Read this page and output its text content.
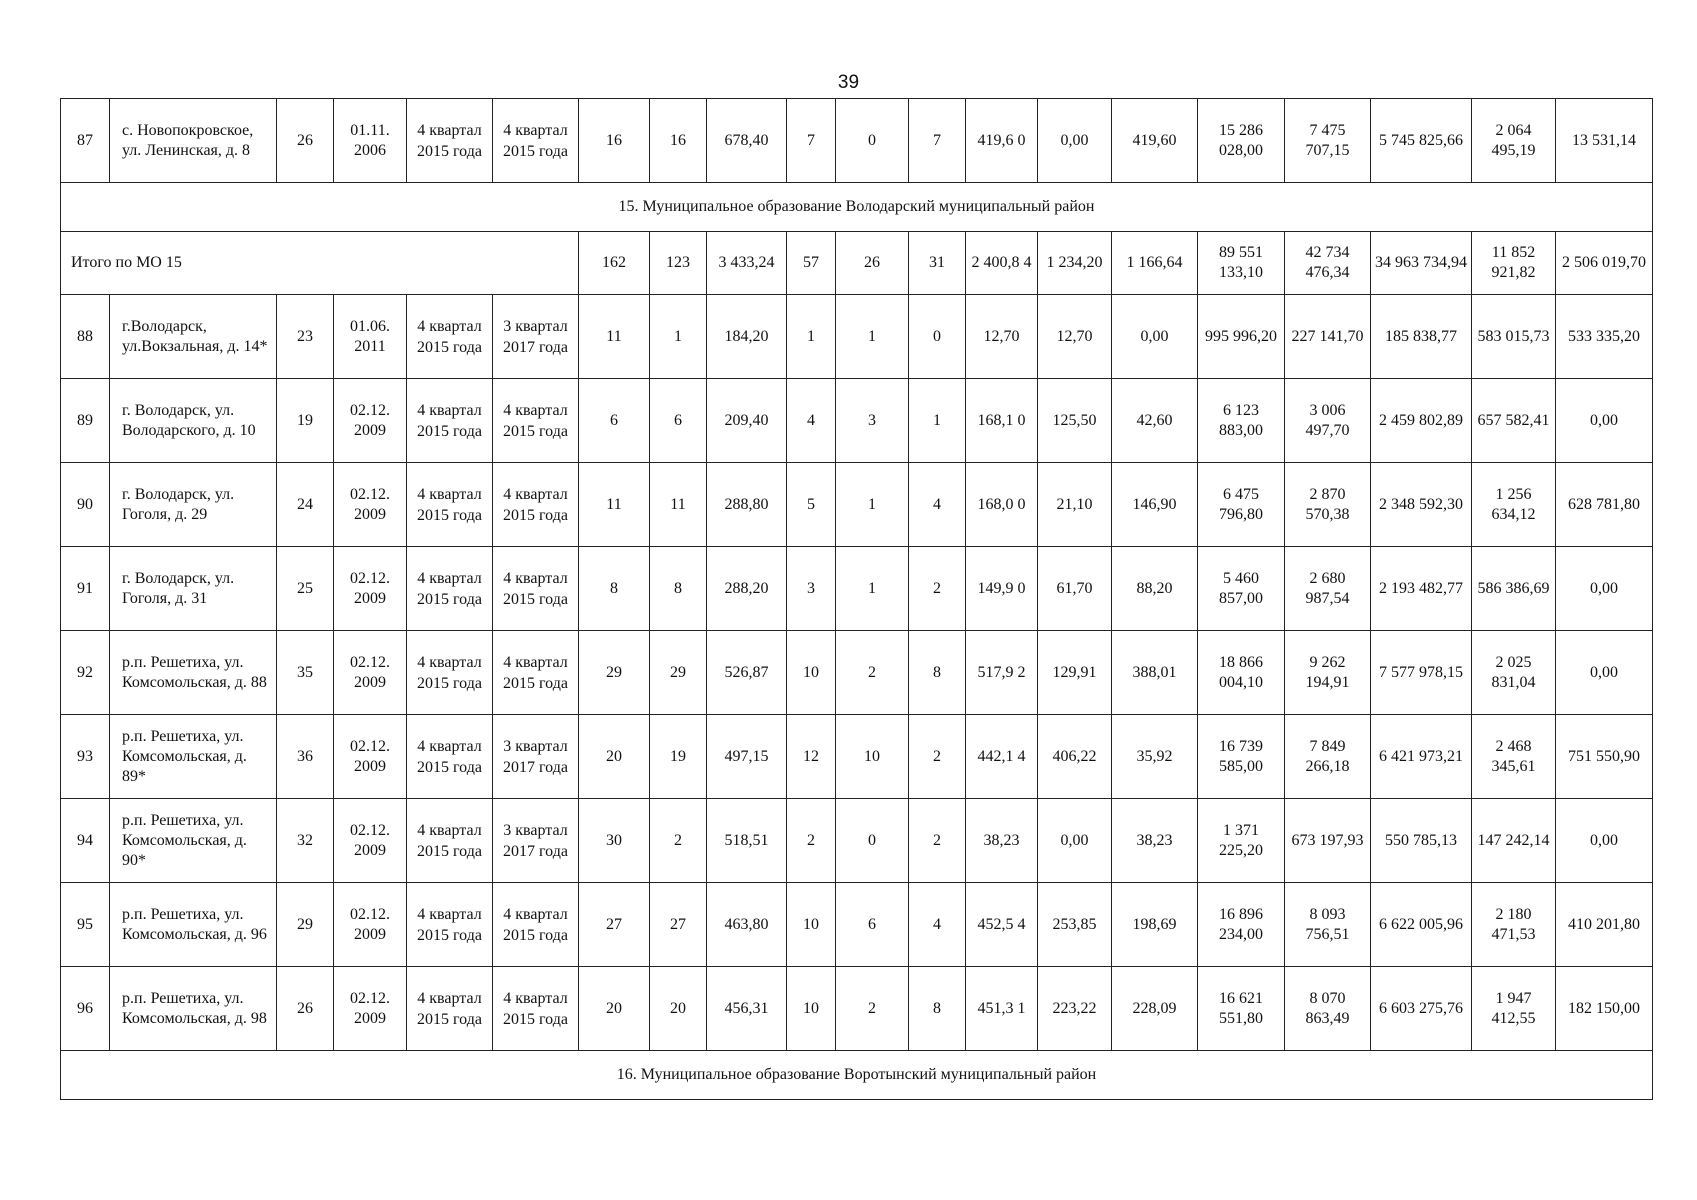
39
87	с. Новопокровское, ул. Ленинская, д. 8	26	01.11. 2006	4 квартал 2015 года	4 квартал 2015 года	16	16	678,40	7	0	7	419,6 0	0,00	419,60	15 286 028,00	7 475 707,15	5 745 825,66	2 064 495,19	13 531,14
15. Муниципальное образование Володарский муниципальный район																			
Итого по МО 15						162	123	3 433,24	57	26	31	2 400,8 4	1 234,20	1 166,64	89 551 133,10	42 734 476,34	34 963 734,94	11 852 921,82	2 506 019,70
88	г.Володарск, ул.Вокзальная, д. 14*	23	01.06. 2011	4 квартал 2015 года	3 квартал 2017 года	11	1	184,20	1	1	0	12,70	12,70	0,00	995 996,20	227 141,70	185 838,77	583 015,73	533 335,20
89	г. Володарск, ул. Володарского, д. 10	19	02.12. 2009	4 квартал 2015 года	4 квартал 2015 года	6	6	209,40	4	3	1	168,1 0	125,50	42,60	6 123 883,00	3 006 497,70	2 459 802,89	657 582,41	0,00
90	г. Володарск, ул. Гоголя, д. 29	24	02.12. 2009	4 квартал 2015 года	4 квартал 2015 года	11	11	288,80	5	1	4	168,0 0	21,10	146,90	6 475 796,80	2 870 570,38	2 348 592,30	1 256 634,12	628 781,80
91	г. Володарск, ул. Гоголя, д. 31	25	02.12. 2009	4 квартал 2015 года	4 квартал 2015 года	8	8	288,20	3	1	2	149,9 0	61,70	88,20	5 460 857,00	2 680 987,54	2 193 482,77	586 386,69	0,00
92	р.п. Решетиха, ул. Комсомольская, д. 88	35	02.12. 2009	4 квартал 2015 года	4 квартал 2015 года	29	29	526,87	10	2	8	517,9 2	129,91	388,01	18 866 004,10	9 262 194,91	7 577 978,15	2 025 831,04	0,00
93	р.п. Решетиха, ул. Комсомольская, д. 89*	36	02.12. 2009	4 квартал 2015 года	3 квартал 2017 года	20	19	497,15	12	10	2	442,1 4	406,22	35,92	16 739 585,00	7 849 266,18	6 421 973,21	2 468 345,61	751 550,90
94	р.п. Решетиха, ул. Комсомольская, д. 90*	32	02.12. 2009	4 квартал 2015 года	3 квартал 2017 года	30	2	518,51	2	0	2	38,23	0,00	38,23	1 371 225,20	673 197,93	550 785,13	147 242,14	0,00
95	р.п. Решетиха, ул. Комсомольская, д. 96	29	02.12. 2009	4 квартал 2015 года	4 квартал 2015 года	27	27	463,80	10	6	4	452,5 4	253,85	198,69	16 896 234,00	8 093 756,51	6 622 005,96	2 180 471,53	410 201,80
96	р.п. Решетиха, ул. Комсомольская, д. 98	26	02.12. 2009	4 квартал 2015 года	4 квартал 2015 года	20	20	456,31	10	2	8	451,3 1	223,22	228,09	16 621 551,80	8 070 863,49	6 603 275,76	1 947 412,55	182 150,00
16. Муниципальное образование Воротынский муниципальный район																			
